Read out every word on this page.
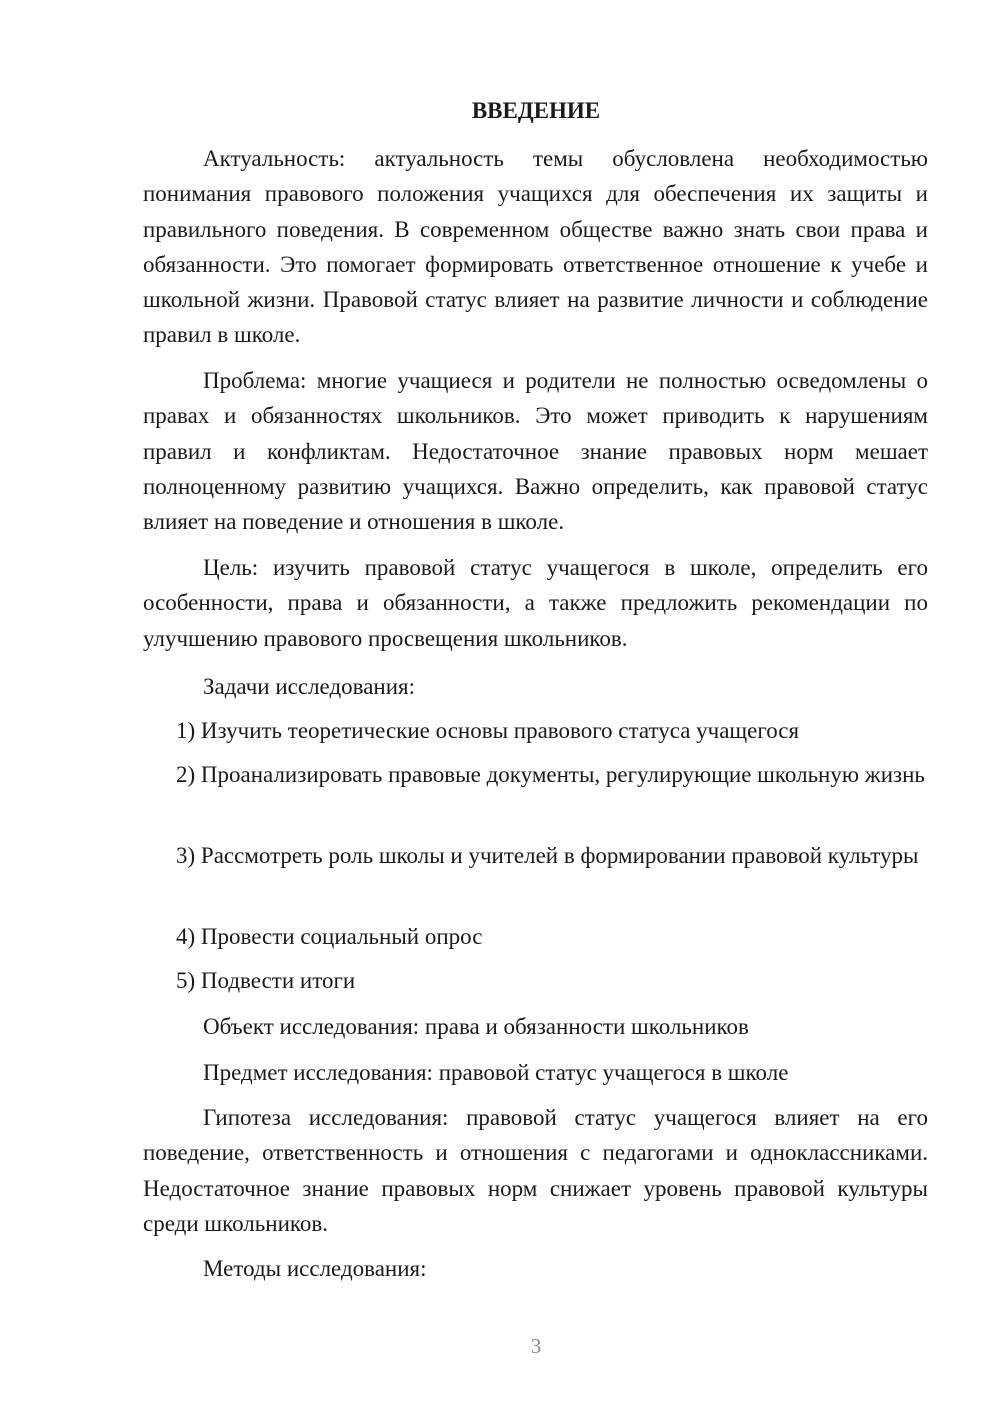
ВВЕДЕНИЕ
Актуальность: актуальность темы обусловлена необходимостью понимания правового положения учащихся для обеспечения их защиты и правильного поведения. В современном обществе важно знать свои права и обязанности. Это помогает формировать ответственное отношение к учебе и школьной жизни. Правовой статус влияет на развитие личности и соблюдение правил в школе.
Проблема: многие учащиеся и родители не полностью осведомлены о правах и обязанностях школьников. Это может приводить к нарушениям правил и конфликтам. Недостаточное знание правовых норм мешает полноценному развитию учащихся. Важно определить, как правовой статус влияет на поведение и отношения в школе.
Цель: изучить правовой статус учащегося в школе, определить его особенности, права и обязанности, а также предложить рекомендации по улучшению правового просвещения школьников.
Задачи исследования:
1) Изучить теоретические основы правового статуса учащегося
2) Проанализировать правовые документы, регулирующие школьную жизнь
3) Рассмотреть роль школы и учителей в формировании правовой культуры
4) Провести социальный опрос
5) Подвести итоги
Объект исследования: права и обязанности школьников
Предмет исследования: правовой статус учащегося в школе
Гипотеза исследования: правовой статус учащегося влияет на его поведение, ответственность и отношения с педагогами и одноклассниками. Недостаточное знание правовых норм снижает уровень правовой культуры среди школьников.
Методы исследования:
3
